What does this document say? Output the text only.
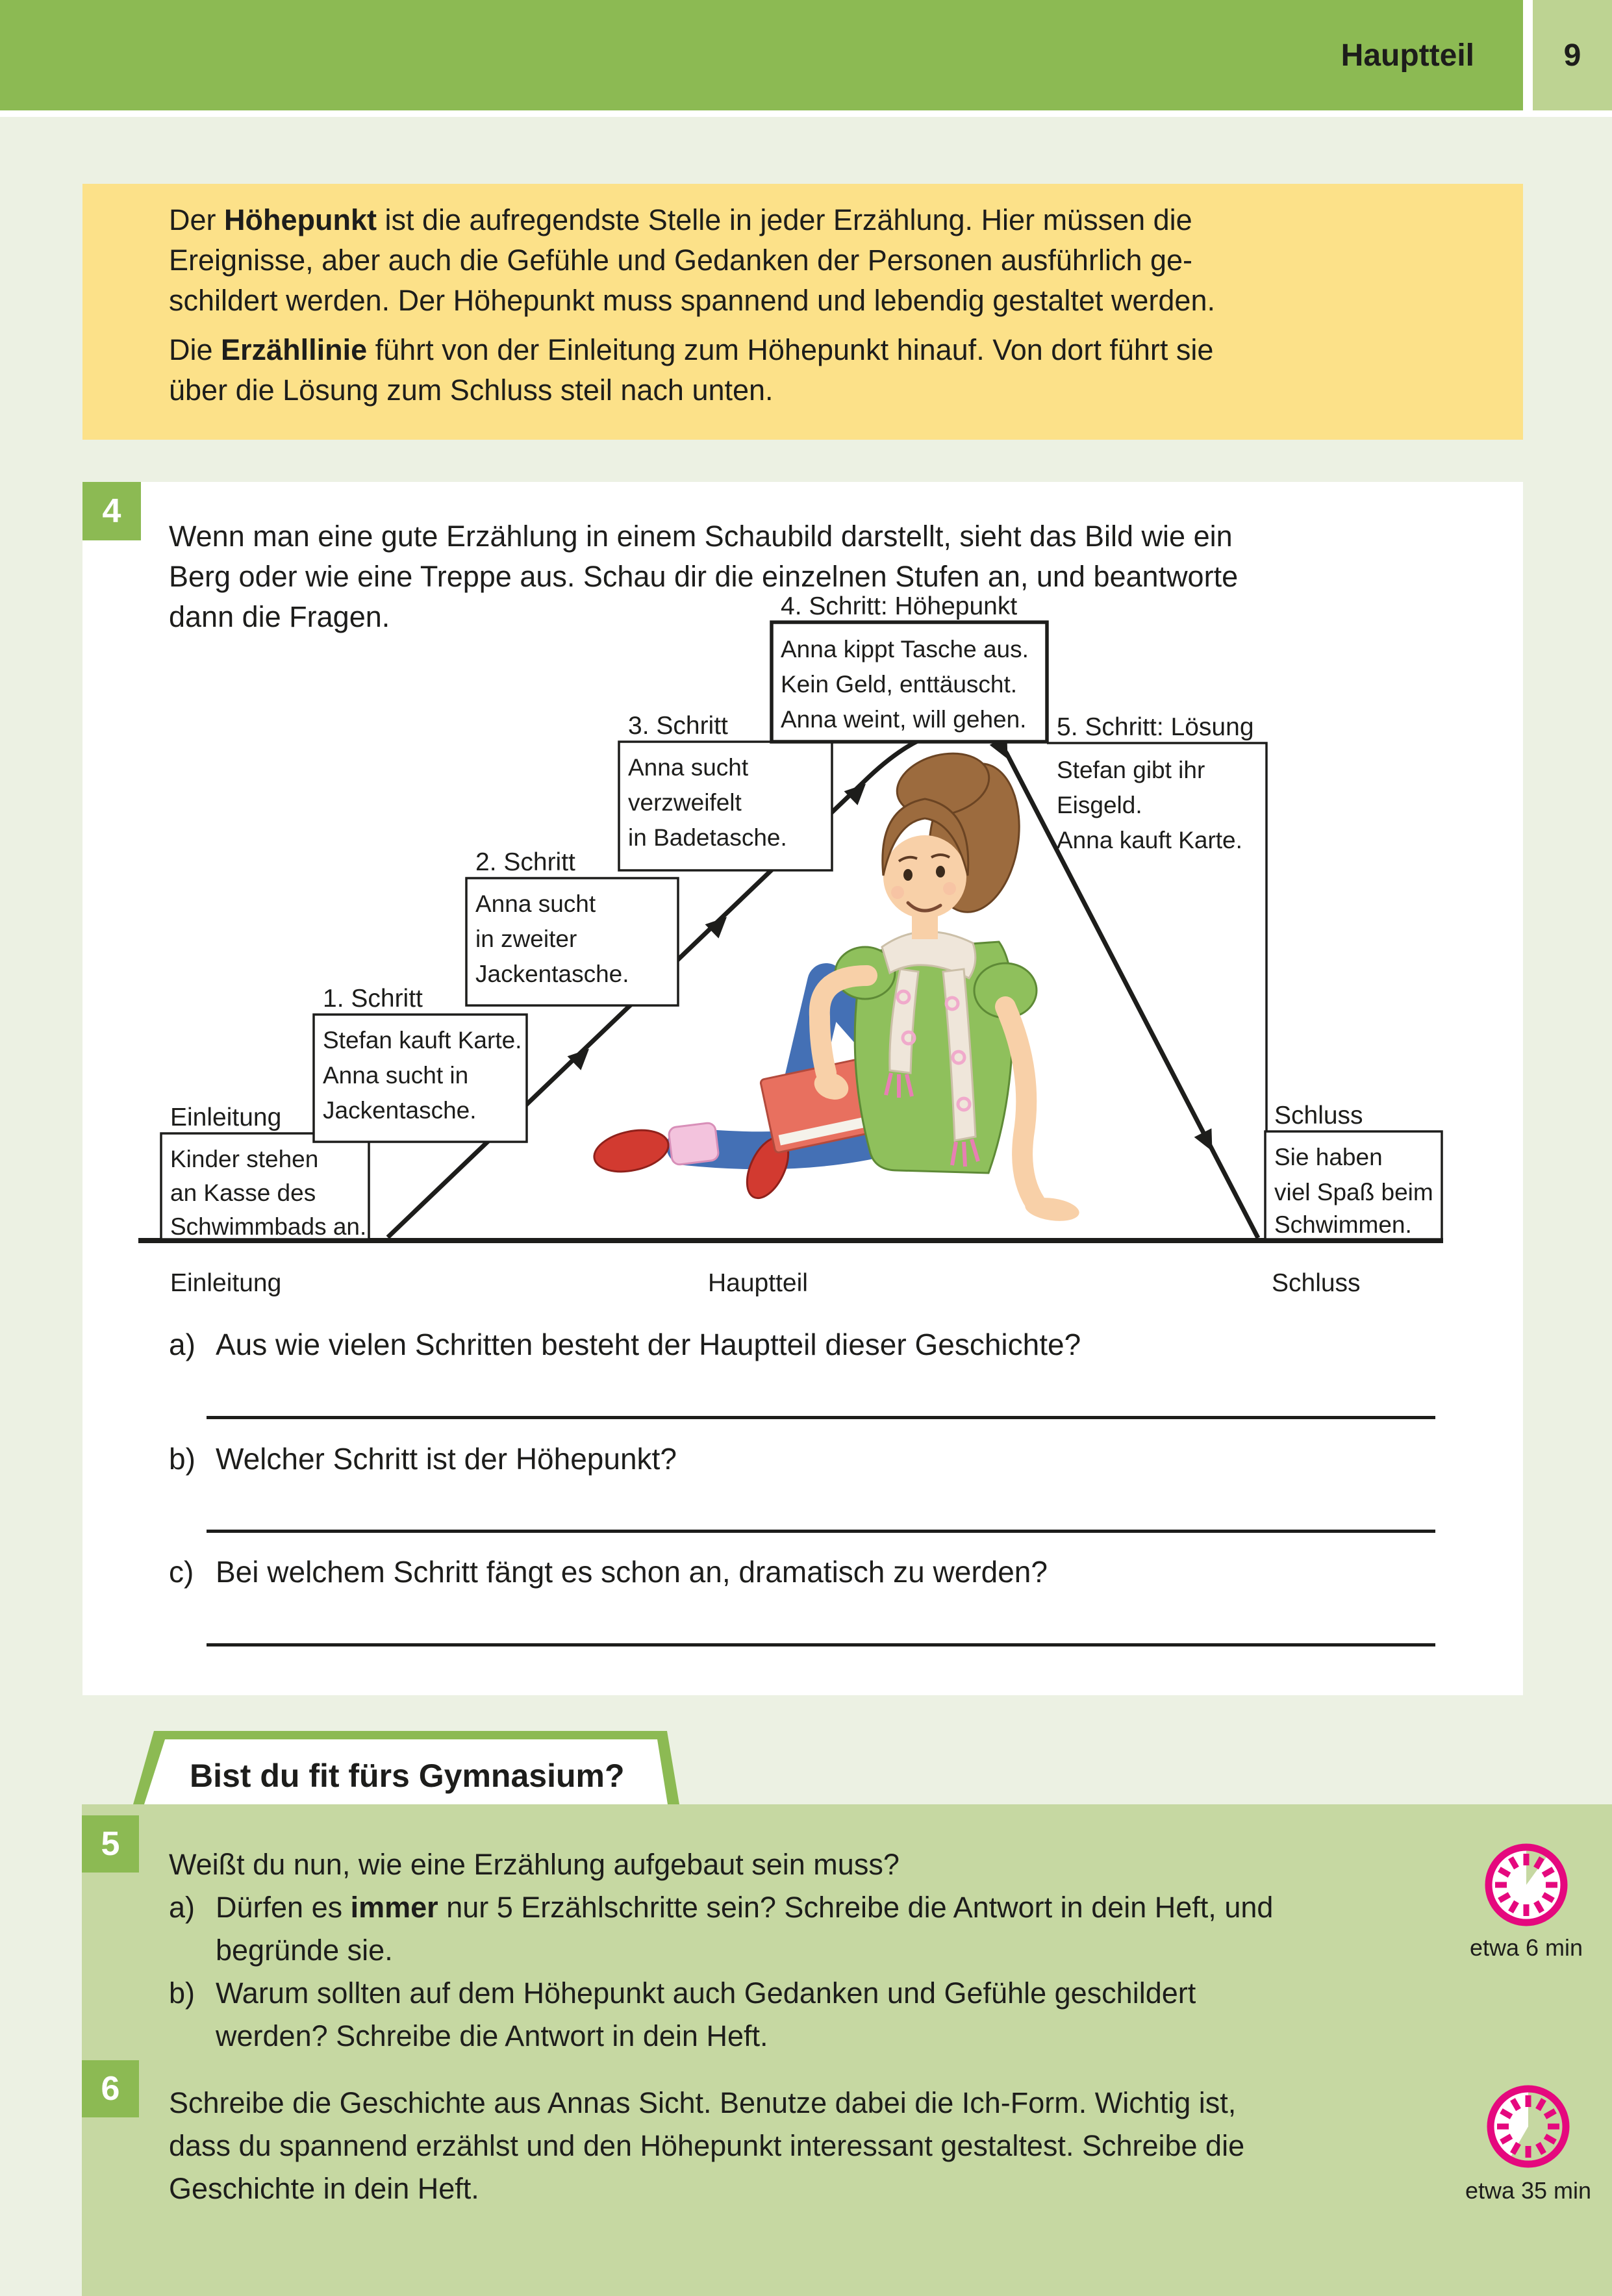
9
Hauptteil
Einleitung
1. Schritt
2. Schritt
3. Schritt
4. Schritt: Höhepunkt
5. Schritt: Lösung
Schluss
Kinder stehen
an Kasse des
Schwimmbads an.
Stefan kauft Karte.
Anna sucht in
Jackentasche.
Anna sucht
in zweiter
Jackentasche.
Anna sucht
verzweifelt
in Badetasche.
Anna kippt Tasche aus.
Kein Geld, enttäuscht.
Anna weint, will gehen.
Stefan gibt ihr
Eisgeld.
Anna kauft Karte.
Sie haben
viel Spaß beim
Schwimmen.
Einleitung	Hauptteil	Schluss
Der Höhepunkt ist die aufregendste Stelle in jeder Erzählung. Hier müssen die
Ereignisse, aber auch die Gefühle und Gedanken der Personen ausführlich ge-
schildert werden. Der Höhepunkt muss spannend und lebendig gestaltet werden.
Die Erzähllinie führt von der Einleitung zum Höhepunkt hinauf. Von dort führt sie
über die Lösung zum Schluss steil nach unten.
4
Wenn man eine gute Erzählung in einem Schaubild darstellt, sieht das Bild wie ein
Berg oder wie eine Treppe aus. Schau dir die einzelnen Stufen an, und beantworte
dann die Fragen.
a) Aus wie vielen Schritten besteht der Hauptteil dieser Geschichte?
b) Welcher Schritt ist der Höhepunkt?
c) Bei welchem Schritt fängt es schon an, dramatisch zu werden?
Bist du fit fürs Gymnasium?
5
Weißt du nun, wie eine Erzählung aufgebaut sein muss?
a) Dürfen es immer nur 5 Erzählschritte sein? Schreibe die Antwort in dein Heft, und
begründe sie.
b) Warum sollten auf dem Höhepunkt auch Gedanken und Gefühle geschildert
werden? Schreibe die Antwort in dein Heft.
etwa 6 min
6 Schreibe die Geschichte aus Annas Sicht. Benutze dabei die Ich-Form. Wichtig ist,
dass du spannend erzählst und den Höhepunkt interessant gestaltest. Schreibe die
Geschichte in dein Heft.	etwa 35 min
